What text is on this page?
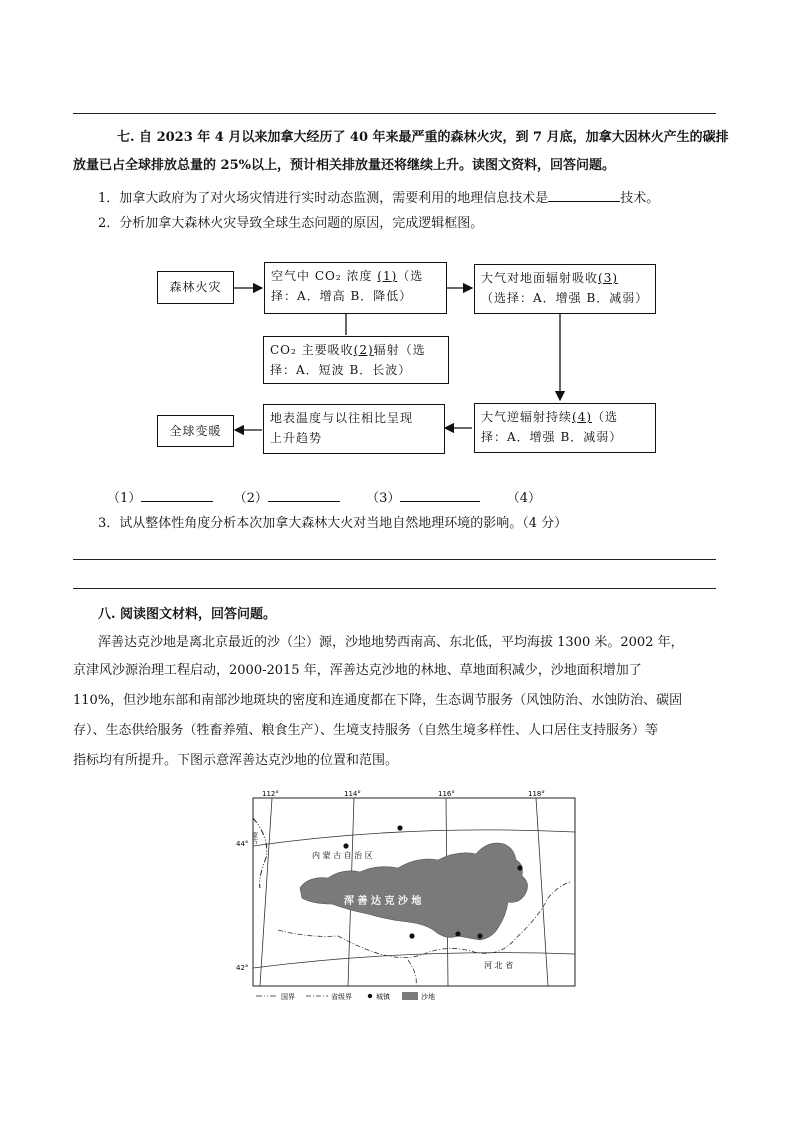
七. 自 2023 年 4 月以来加拿大经历了 40 年来最严重的森林火灾，到 7 月底，加拿大因林火产生的碳排
放量已占全球排放总量的 25%以上，预计相关排放量还将继续上升。读图文资料，回答问题。
1．加拿大政府为了对火场灾情进行实时动态监测，需要利用的地理信息技术是	技术。
2．分析加拿大森林火灾导致全球生态问题的原因，完成逻辑框图。
森林火灾
空气中 CO₂ 浓度 (1)（选
择：A．增高 B．降低）
大气对地面辐射吸收(3)
（选择：A．增强 B．减弱）
CO₂ 主要吸收(2)辐射（选
择：A．短波 B．长波）
大气逆辐射持续(4)（选
择：A．增强 B．减弱）
地表温度与以往相比呈现
上升趋势
全球变暖
（1）	（2）	（3）	（4）
3．试从整体性角度分析本次加拿大森林大火对当地自然地理环境的影响。（4 分）
八. 阅读图文材料，回答问题。
浑善达克沙地是离北京最近的沙（尘）源，沙地地势西南高、东北低，平均海拔 1300 米。2002 年，
京津风沙源治理工程启动，2000-2015 年，浑善达克沙地的林地、草地面积减少，沙地面积增加了
110%，但沙地东部和南部沙地斑块的密度和连通度都在下降，生态调节服务（风蚀防治、水蚀防治、碳固
存）、生态供给服务（牲畜养殖、粮食生产）、生境支持服务（自然生境多样性、人口居住支持服务）等
指标均有所提升。下图示意浑善达克沙地的位置和范围。
112°	114°	116°	118°
44°
42°
内 蒙 古 自 治 区
浑 善 达 克 沙 地
河 北 省
蒙古
国界	省级界	城镇	沙地
